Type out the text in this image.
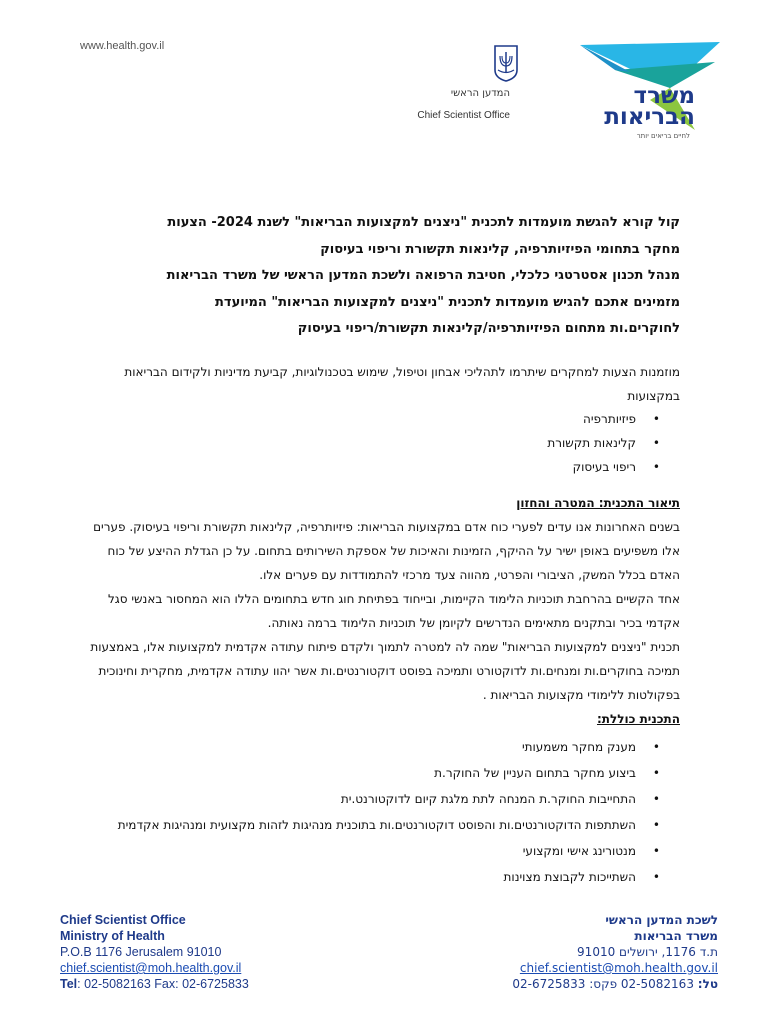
www.health.gov.il
המדען הראשי
Chief Scientist Office
משרד
הבריאות
לחיים בריאים יותר
קול קורא להגשת מועמדות לתכנית "ניצנים למקצועות הבריאות" לשנת 2024- הצעות
מחקר בתחומי הפיזיותרפיה, קלינאות תקשורת וריפוי בעיסוק
מנהל תכנון אסטרטגי כלכלי, חטיבת הרפואה ולשכת המדען הראשי של משרד הבריאות
מזמינים אתכם להגיש מועמדות לתכנית "ניצנים למקצועות הבריאות" המיועדת
לחוקרים.ות מתחום הפיזיותרפיה/קלינאות תקשורת/ריפוי בעיסוק
מוזמנות הצעות למחקרים שיתרמו לתהליכי אבחון וטיפול, שימוש בטכנולוגיות, קביעת מדיניות ולקידום הבריאות במקצועות
• פיזיותרפיה
• קלינאות תקשורת
• ריפוי בעיסוק
תיאור התכנית: המטרה והחזון
בשנים האחרונות אנו עדים לפערי כוח אדם במקצועות הבריאות: פיזיותרפיה, קלינאות תקשורת וריפוי בעיסוק. פערים אלו משפיעים באופן ישיר על ההיקף, הזמינות והאיכות של אספקת השירותים בתחום. על כן הגדלת ההיצע של כוח האדם בכלל המשק, הציבורי והפרטי, מהווה צעד מרכזי להתמודדות עם פערים אלו.
אחד הקשיים בהרחבת תוכניות הלימוד הקיימות, ובייחוד בפתיחת חוג חדש בתחומים הללו הוא המחסור באנשי סגל אקדמי בכיר ובתקנים מתאימים הנדרשים לקיומן של תוכניות הלימוד ברמה נאותה.
תכנית "ניצנים למקצועות הבריאות" שמה לה למטרה לתמוך ולקדם פיתוח עתודה אקדמית למקצועות אלו, באמצעות תמיכה בחוקרים.ות ומנחים.ות לדוקטורט ותמיכה בפוסט דוקטורנטים.ות אשר יהוו עתודה אקדמית, מחקרית וחינוכית בפקולטות ללימודי מקצועות הבריאות .
התכנית כוללת:
• מענק מחקר משמעותי
• ביצוע מחקר בתחום העניין של החוקר.ת
• התחייבות החוקר.ת המנחה לתת מלגת קיום לדוקטורנט.ית
• השתתפות הדוקטורנטים.ות והפוסט דוקטורנטים.ות בתוכנית מנהיגות לזהות מקצועית ומנהיגות אקדמית
• מנטורינג אישי ומקצועי
• השתייכות לקבוצת מצוינות
Chief Scientist Office
Ministry of Health
P.O.B 1176 Jerusalem 91010
chief.scientist@moh.health.gov.il
Tel: 02-5082163 Fax: 02-6725833
לשכת המדען הראשי
משרד הבריאות
ת.ד 1176, ירושלים 91010
chief.scientist@moh.health.gov.il
טל: 02-5082163 פקס: 02-6725833
